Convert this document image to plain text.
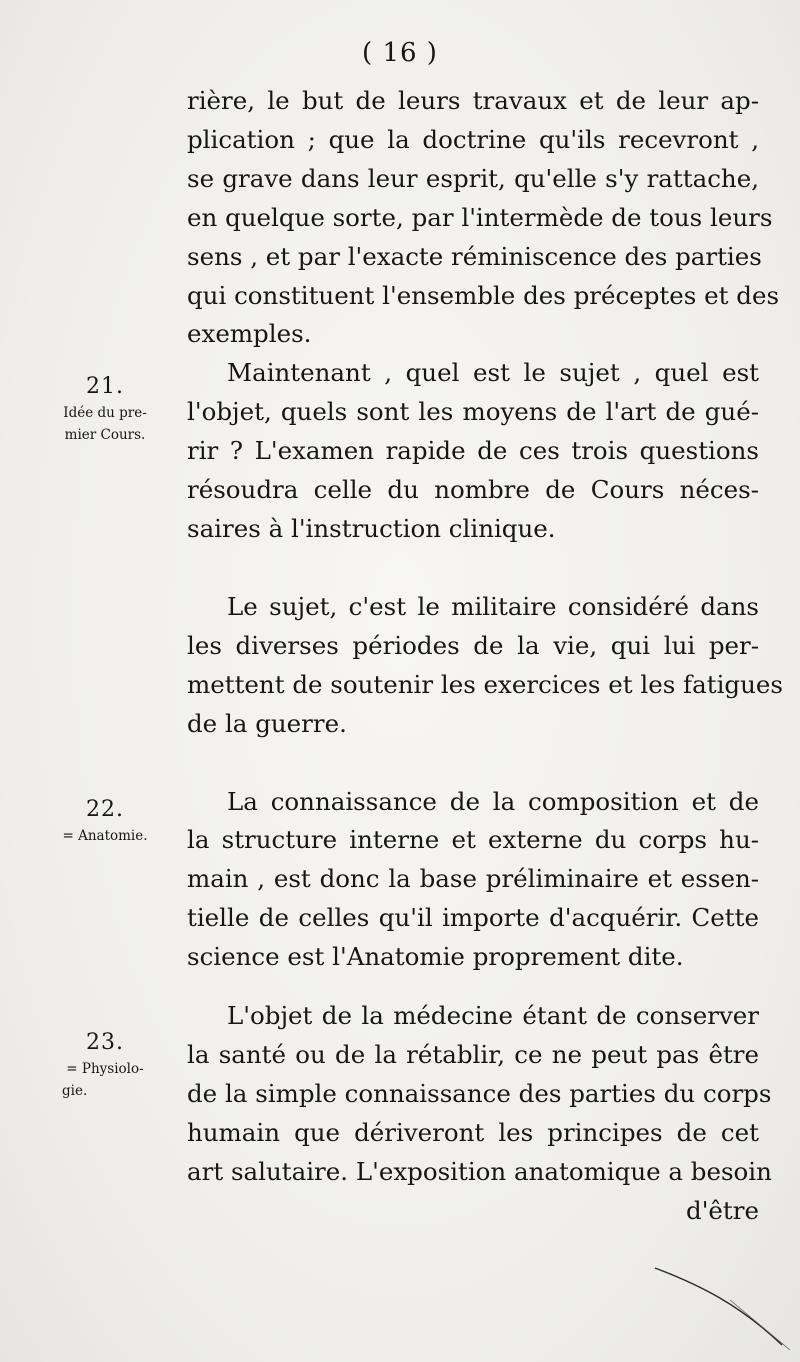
( 16 )
21.
Idée du pre-
mier Cours.
22.
= Anatomie.
23.
= Physiolo-
gie.
rière, le but de leurs travaux et de leur ap-
plication ; que la doctrine qu'ils recevront ,
se grave dans leur esprit, qu'elle s'y rattache,
en quelque sorte, par l'intermède de tous leurs
sens , et par l'exacte réminiscence des parties
qui constituent l'ensemble des préceptes et des
exemples.
Maintenant , quel est le sujet , quel est
l'objet, quels sont les moyens de l'art de gué-
rir ? L'examen rapide de ces trois questions
résoudra celle du nombre de Cours néces-
saires à l'instruction clinique.
Le sujet, c'est le militaire considéré dans
les diverses périodes de la vie, qui lui per-
mettent de soutenir les exercices et les fatigues
de la guerre.
La connaissance de la composition et de
la structure interne et externe du corps hu-
main , est donc la base préliminaire et essen-
tielle de celles qu'il importe d'acquérir. Cette
science est l'Anatomie proprement dite.
L'objet de la médecine étant de conserver
la santé ou de la rétablir, ce ne peut pas être
de la simple connaissance des parties du corps
humain que dériveront les principes de cet
art salutaire. L'exposition anatomique a besoin
d'être
